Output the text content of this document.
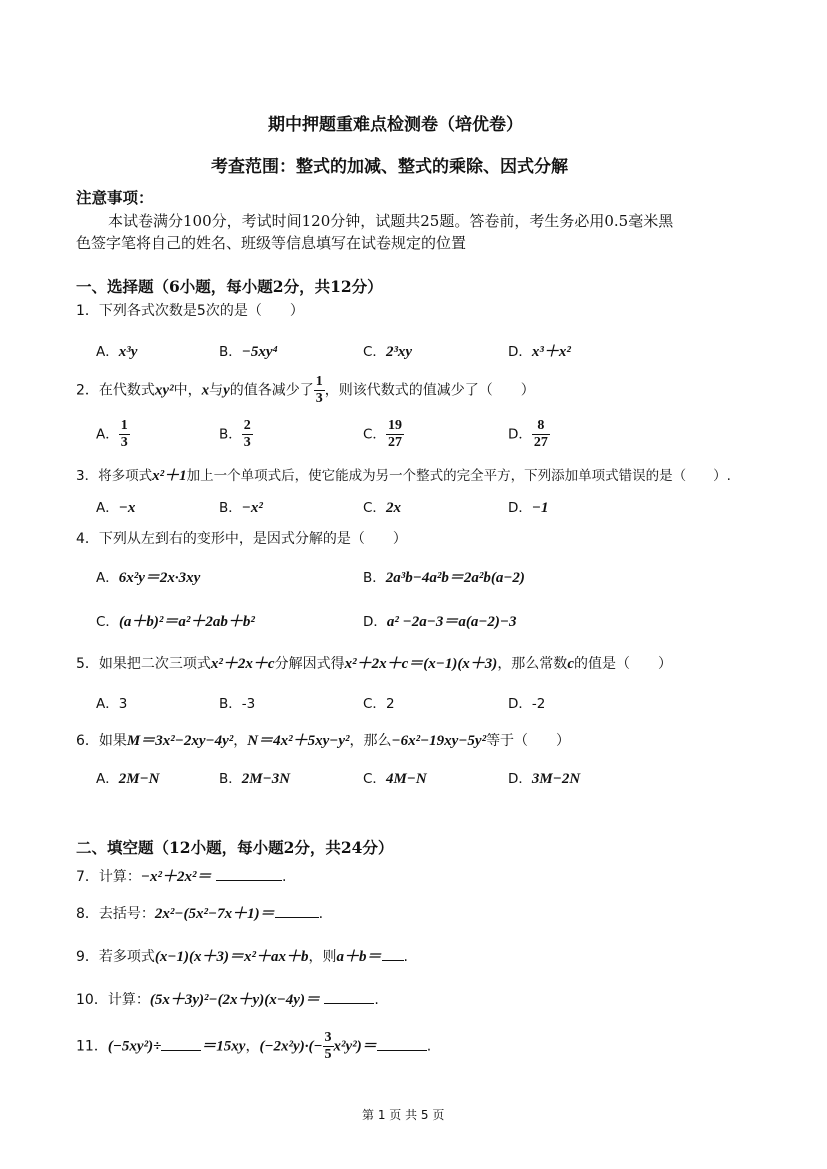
期中押题重难点检测卷（培优卷）
考查范围：整式的加减、整式的乘除、因式分解
注意事项：
本试卷满分100分，考试时间120分钟，试题共25题。答卷前，考生务必用0.5毫米黑
色签字笔将自己的姓名、班级等信息填写在试卷规定的位置
一、选择题（6小题，每小题2分，共12分）
1．下列各式次数是5次的是（　　）
A．x³y	B．−5xy⁴	C．2³xy	D．x³＋x²
2．在代数式xy²中，x与y的值各减少了 $\frac{1}{3}$ ，则该代数式的值减少了（　　）
A． $\frac{1}{3}$	B． $\frac{2}{3}$	C． $\frac{19}{27}$	D． $\frac{8}{27}$
3．将多项式x²＋1加上一个单项式后，使它能成为另一个整式的完全平方，下列添加单项式错误的是（　　）.
A．−x	B．−x²	C．2x	D．−1
4．下列从左到右的变形中，是因式分解的是（　　）
A．6x²y＝2x·3xy	B．2a³b−4a²b＝2a²b(a−2)
C．(a＋b)²＝a²＋2ab＋b²	D．a² −2a−3＝a(a−2)−3
5．如果把二次三项式x²＋2x＋c分解因式得x²＋2x＋c＝(x−1)(x＋3)，那么常数c的值是（　　）
A．3	B．-3	C．2	D．-2
6．如果M＝3x²−2xy−4y²，N＝4x²＋5xy−y²，那么−6x²−19xy−5y²等于（　　）
A．2M−N	B．2M−3N	C．4M−N	D．3M−2N
二、填空题（12小题，每小题2分，共24分）
7．计算：−x²＋2x²＝	.
8．去括号：2x²−(5x²−7x＋1)＝	.
9．若多项式(x−1)(x＋3)＝x²＋ax＋b，则a＋b＝ .
10．计算：(5x＋3y)²−(2x＋y)(x−4y)＝	.
11．(−5xy²)÷	＝15xy，$(-2x^2y)\cdot(- \frac{3}{5} x^2y^2)=$	.
第 1 页 共 5 页
